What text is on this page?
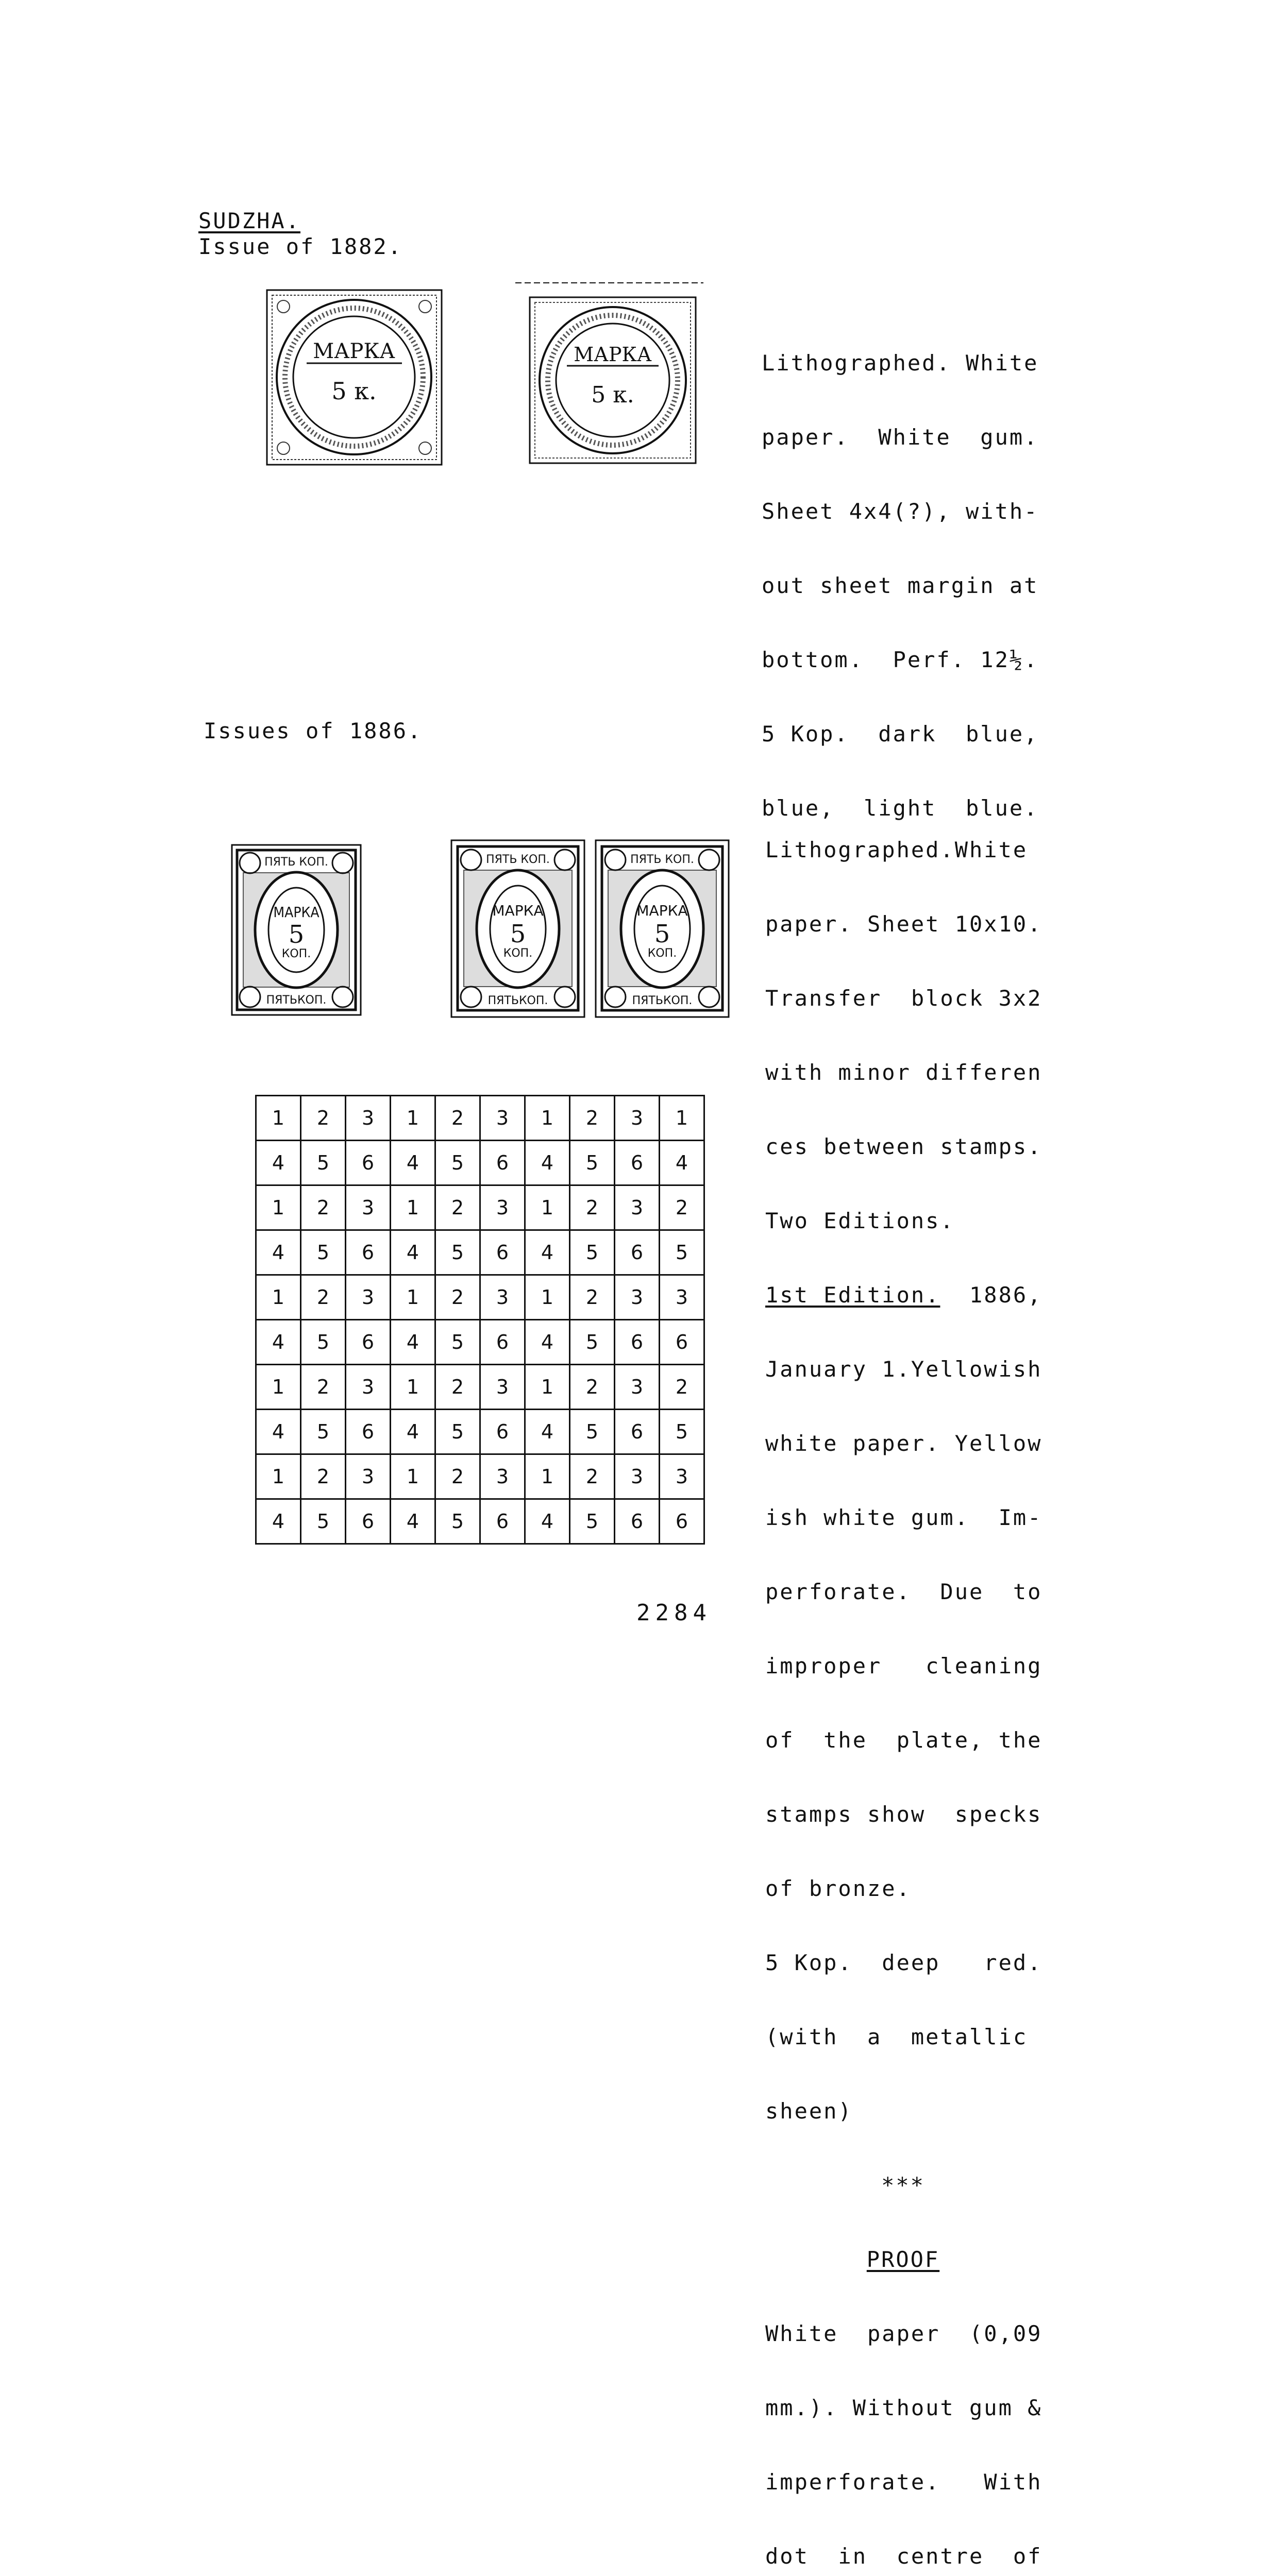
SUDZHA.
Issue of 1882.
МАРКА
5 к.
МАРКА
5 к.

Lithographed. White

paper.  White  gum.

Sheet 4x4(?), with-

out sheet margin at

bottom.  Perf. 12½.

5 Kop.  dark  blue,

blue,  light  blue.

Issues of 1886.
ПЯТЬ КОП.
МАРКА
5
КОП.
ПЯТЬКОП.
ПЯТЬ КОП.
МАРКА
5
КОП.
ПЯТЬКОП.
ПЯТЬ КОП.
МАРКА
5
КОП.
ПЯТЬКОП.

Lithographed.White

paper. Sheet 10x10.

Transfer  block 3x2

with minor differen

ces between stamps.

Two Editions.

1st Edition.  1886,

January 1.Yellowish

white paper. Yellow

ish white gum.  Im-

perforate.  Due  to

improper   cleaning

of  the  plate, the

stamps show  specks

of bronze.

5 Kop.  deep   red.

(with  a  metallic

sheen)

***

PROOF

White  paper  (0,09

mm.). Without gum &

imperforate.   With

dot  in  centre  of

1	2	3	1	2	3	1	2	3	1
4	5	6	4	5	6	4	5	6	4
1	2	3	1	2	3	1	2	3	2
4	5	6	4	5	6	4	5	6	5
1	2	3	1	2	3	1	2	3	3
4	5	6	4	5	6	4	5	6	6
1	2	3	1	2	3	1	2	3	2
4	5	6	4	5	6	4	5	6	5
1	2	3	1	2	3	1	2	3	3
4	5	6	4	5	6	4	5	6	6
2284
